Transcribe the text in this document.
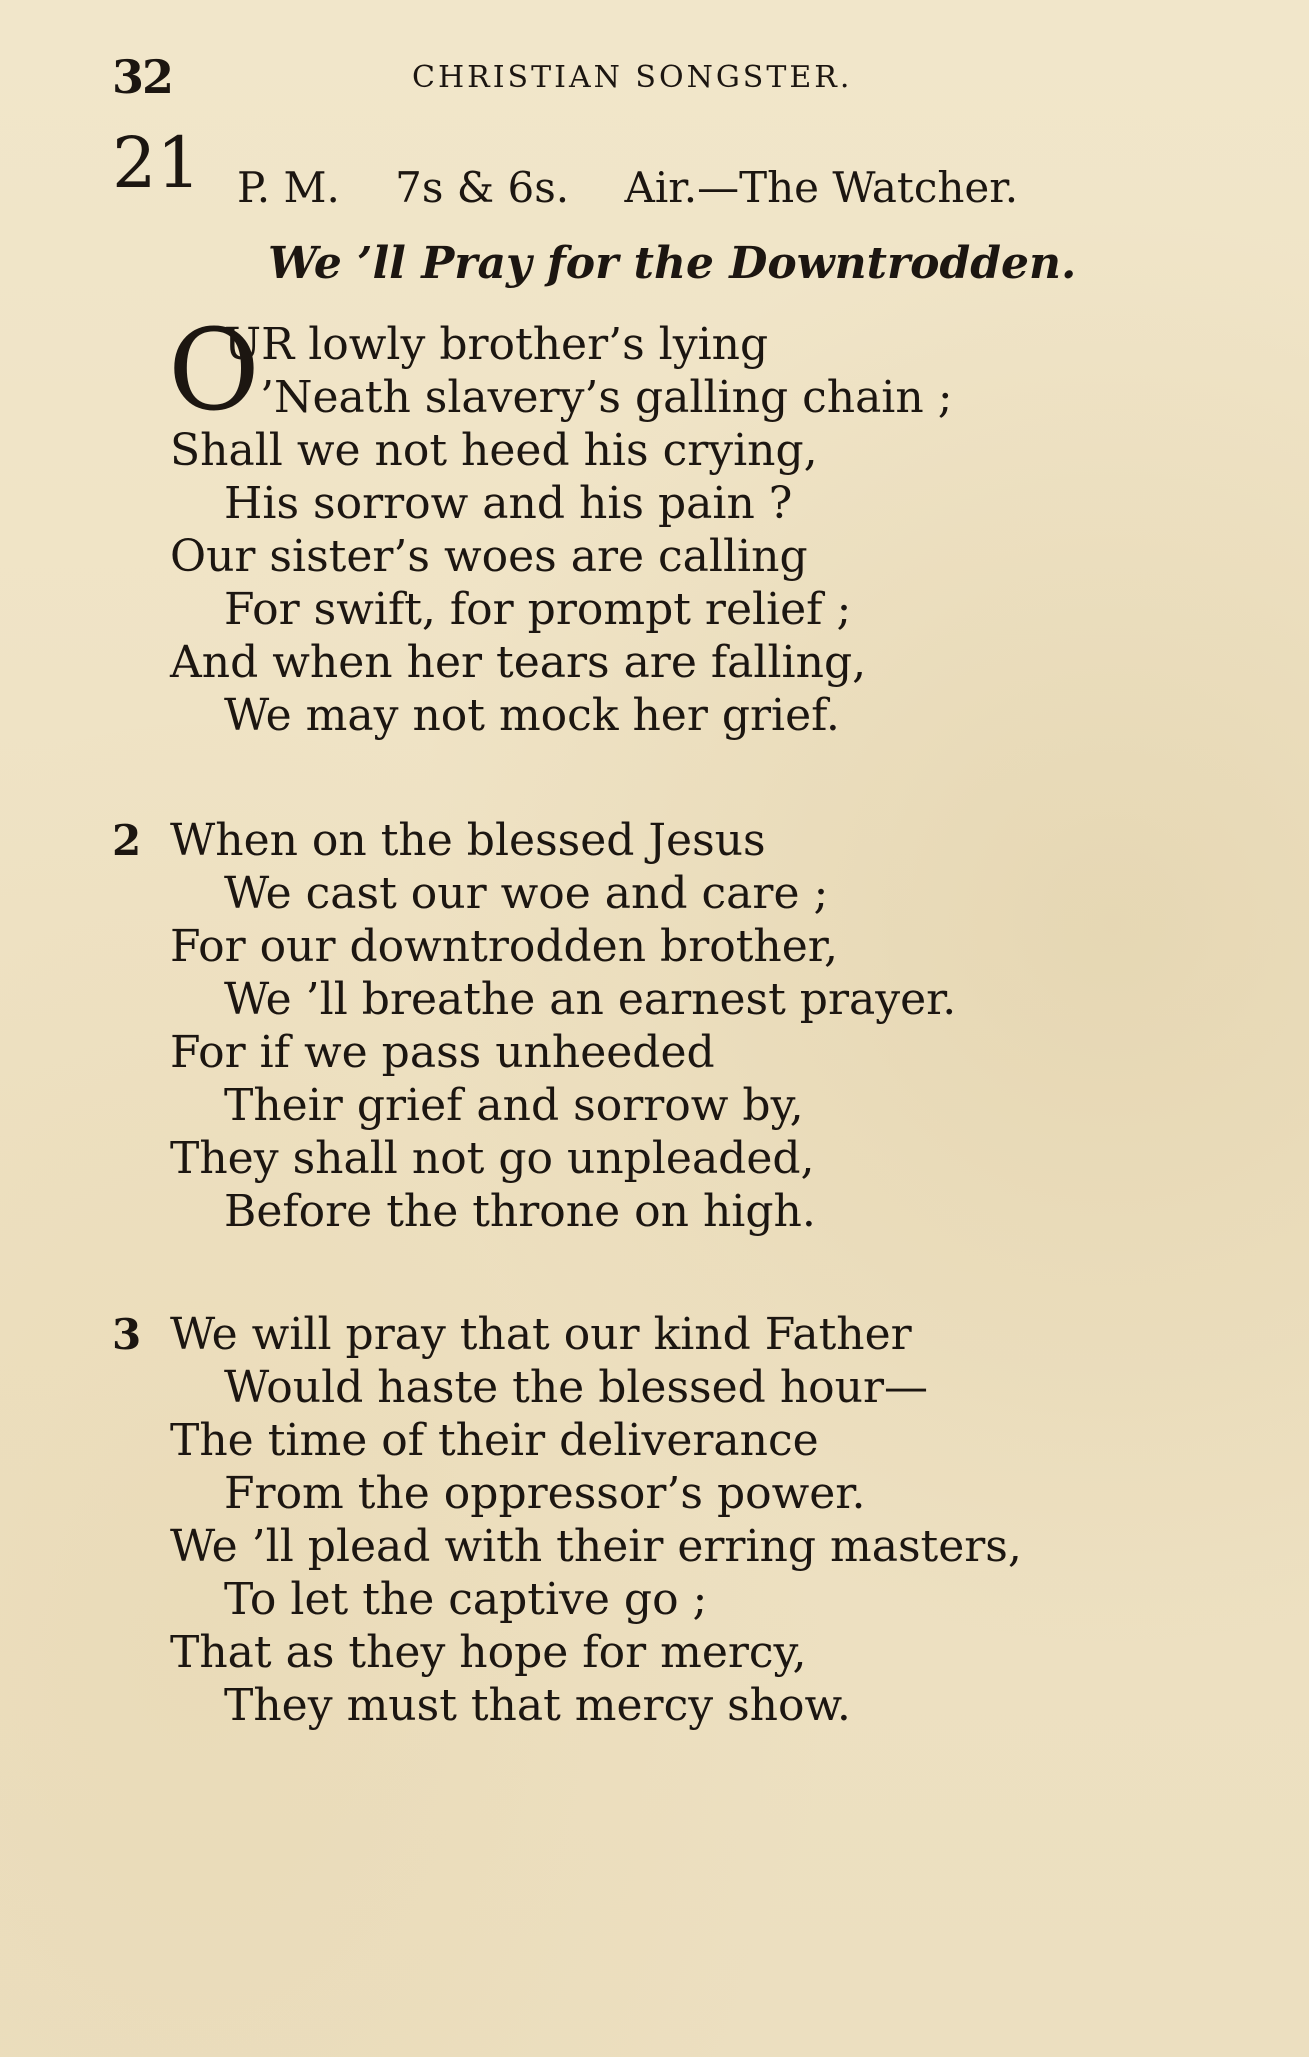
32	CHRISTIAN SONGSTER.
21 P. M. 7s & 6s. Air.—The Watcher.
We ’ll Pray for the Downtrodden.
O
UR lowly brother’s lying
’Neath slavery’s galling chain ;
Shall we not heed his crying,
His sorrow and his pain ?
Our sister’s woes are calling
For swift, for prompt relief ;
And when her tears are falling,
We may not mock her grief.
2 When on the blessed Jesus
We cast our woe and care ;
For our downtrodden brother,
We ’ll breathe an earnest prayer.
For if we pass unheeded
Their grief and sorrow by,
They shall not go unpleaded,
Before the throne on high.
3 We will pray that our kind Father
Would haste the blessed hour—
The time of their deliverance
From the oppressor’s power.
We ’ll plead with their erring masters,
To let the captive go ;
That as they hope for mercy,
They must that mercy show.
